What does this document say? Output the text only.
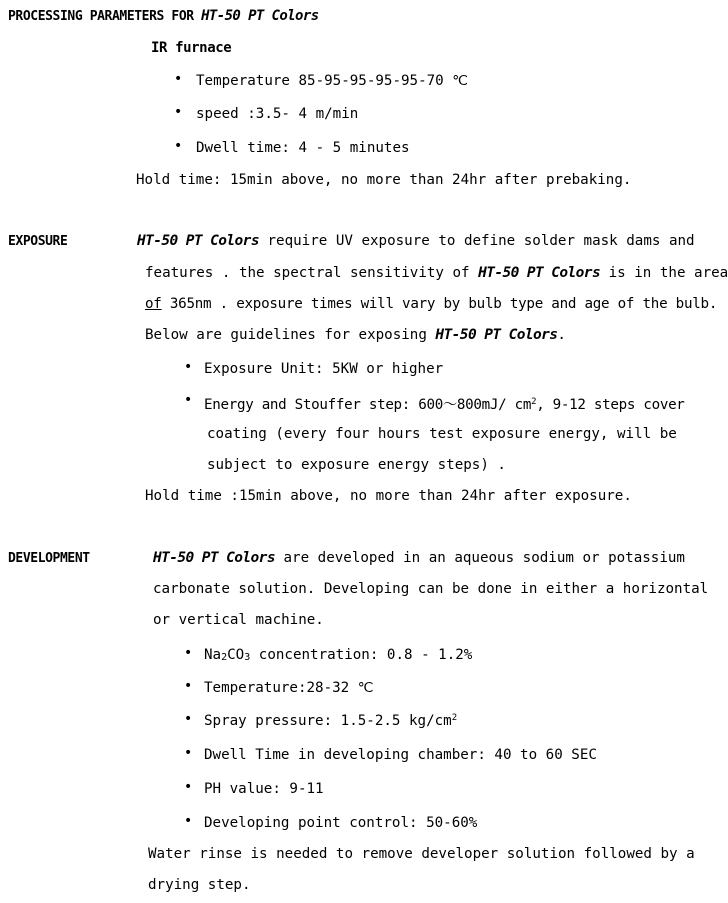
PROCESSING PARAMETERS FOR HT-50 PT Colors
IR furnace
• Temperature 85-95-95-95-95-70 ℃
• speed :3.5- 4 m/min
• Dwell time: 4 - 5 minutes
Hold time: 15min above, no more than 24hr after prebaking.
EXPOSURE	HT-50 PT Colors require UV exposure to define solder mask dams and
features . the spectral sensitivity of HT-50 PT Colors is in the area
of 365nm . exposure times will vary by bulb type and age of the bulb.
Below are guidelines for exposing HT-50 PT Colors.
• Exposure Unit: 5KW or higher
• Energy and Stouffer step: 600～800mJ/ $cm^2$, 9-12 steps cover
coating (every four hours test exposure energy, will be
subject to exposure energy steps) .
Hold time :15min above, no more than 24hr after exposure.
DEVELOPMENT	HT-50 PT Colors are developed in an aqueous sodium or potassium
carbonate solution. Developing can be done in either a horizontal
or vertical machine.
• Na2CO3 concentration: 0.8 - 1.2%
• Temperature:28-32 ℃
• Spray pressure: 1.5-2.5 $kg/cm^2$
• Dwell Time in developing chamber: 40 to 60 SEC
• PH value: 9-11
• Developing point control: 50-60%
Water rinse is needed to remove developer solution followed by a
drying step.
